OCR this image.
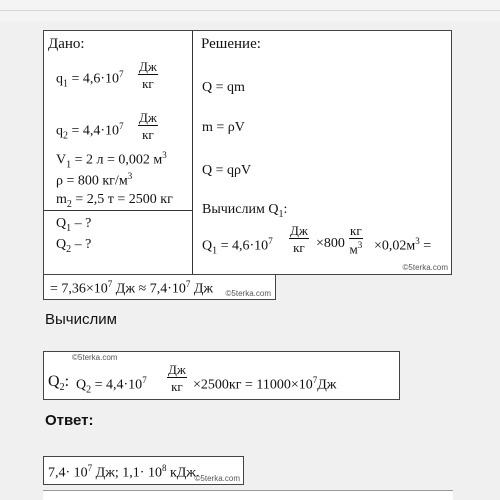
Дано:
$q_1 = 4,6\cdot 10^7$ Дж
кг
$q_2 = 4,4\cdot 10^7$
Дж
кг
$V_1 = 2$ л = 0,002 $м^3$
ρ = 800 $кг/м^3$
$m_2 = 2,5$ т = 2500 кг
$Q_1$ – ?
$Q_2$ – ?
Решение:
Q = qm
m = ρV
Q = qρV
Вычислим $Q_1$:
$Q_1 = 4,6\cdot 10^7$
Дж
кг ×800
кг
$м^3 \times 0,02м^3$ =
©5terka.com
= $7,36\times 10^7$ Дж ≈ $7,4\cdot 10^7$ Дж ©5terka.com
Вычислим
©5terka.com
$Q_2$: $Q_2 = 4,4\cdot 10^7$
Дж
кг $\times 2500кг = 11000\times 10^7Дж$
Ответ:
$7,4\cdot 10^7$ Дж; $1,1\cdot 10^8$ кДж.
©5terka.com
